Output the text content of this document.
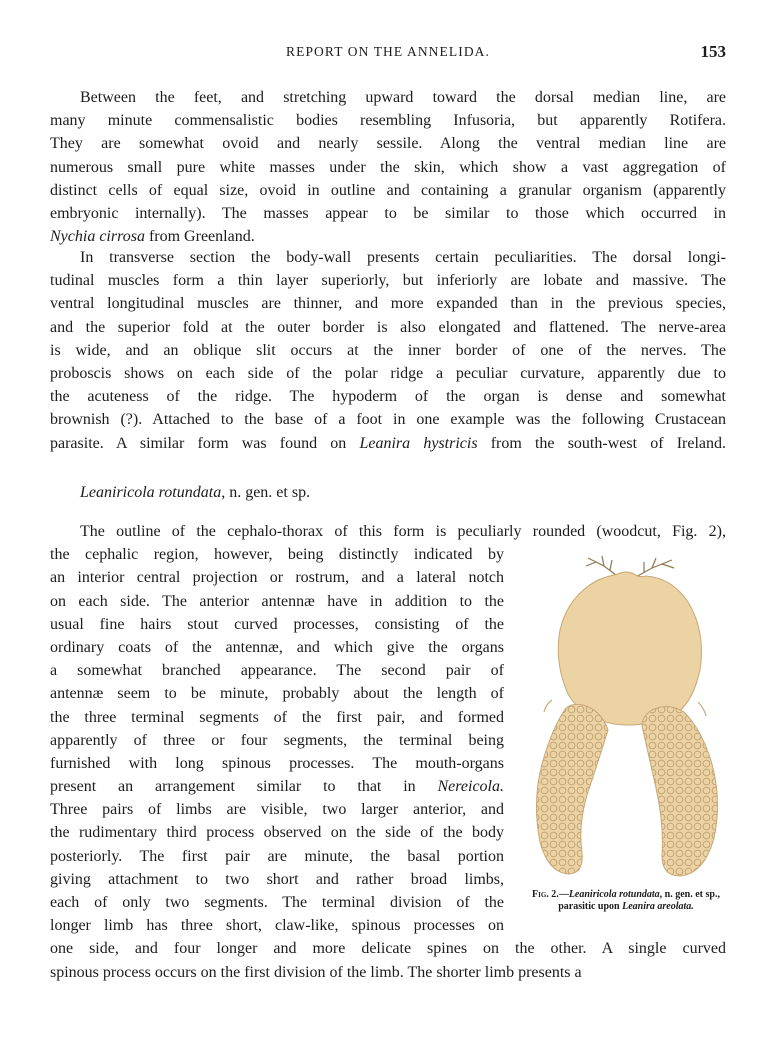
REPORT ON THE ANNELIDA.	153
Between the feet, and stretching upward toward the dorsal median line, are
many minute commensalistic bodies resembling Infusoria, but apparently Rotifera.
They are somewhat ovoid and nearly sessile. Along the ventral median line are
numerous small pure white masses under the skin, which show a vast aggregation of
distinct cells of equal size, ovoid in outline and containing a granular organism (apparently
embryonic internally). The masses appear to be similar to those which occurred in
Nychia cirrosa from Greenland.
In transverse section the body-wall presents certain peculiarities. The dorsal longi-
tudinal muscles form a thin layer superiorly, but inferiorly are lobate and massive. The
ventral longitudinal muscles are thinner, and more expanded than in the previous species,
and the superior fold at the outer border is also elongated and flattened. The nerve-area
is wide, and an oblique slit occurs at the inner border of one of the nerves. The
proboscis shows on each side of the polar ridge a peculiar curvature, apparently due to
the acuteness of the ridge. The hypoderm of the organ is dense and somewhat
brownish (?). Attached to the base of a foot in one example was the following Crustacean
parasite. A similar form was found on Leanira hystricis from the south-west of Ireland.
Leaniricola rotundata, n. gen. et sp.
The outline of the cephalo-thorax of this form is peculiarly rounded (woodcut, Fig. 2),
the cephalic region, however, being distinctly indicated by
an interior central projection or rostrum, and a lateral notch
on each side. The anterior antennæ have in addition to the
usual fine hairs stout curved processes, consisting of the
ordinary coats of the antennæ, and which give the organs
a somewhat branched appearance. The second pair of
antennæ seem to be minute, probably about the length of
the three terminal segments of the first pair, and formed
apparently of three or four segments, the terminal being
furnished with long spinous processes. The mouth-organs
present an arrangement similar to that in Nereicola.
Three pairs of limbs are visible, two larger anterior, and
the rudimentary third process observed on the side of the body
posteriorly. The first pair are minute, the basal portion
giving attachment to two short and rather broad limbs,
each of only two segments. The terminal division of the
longer limb has three short, claw-like, spinous processes on
one side, and four longer and more delicate spines on the other. A single curved
spinous process occurs on the first division of the limb. The shorter limb presents a
Fig. 2.—Leaniricola rotundata, n. gen. et sp., parasitic upon Leanira areolata.
